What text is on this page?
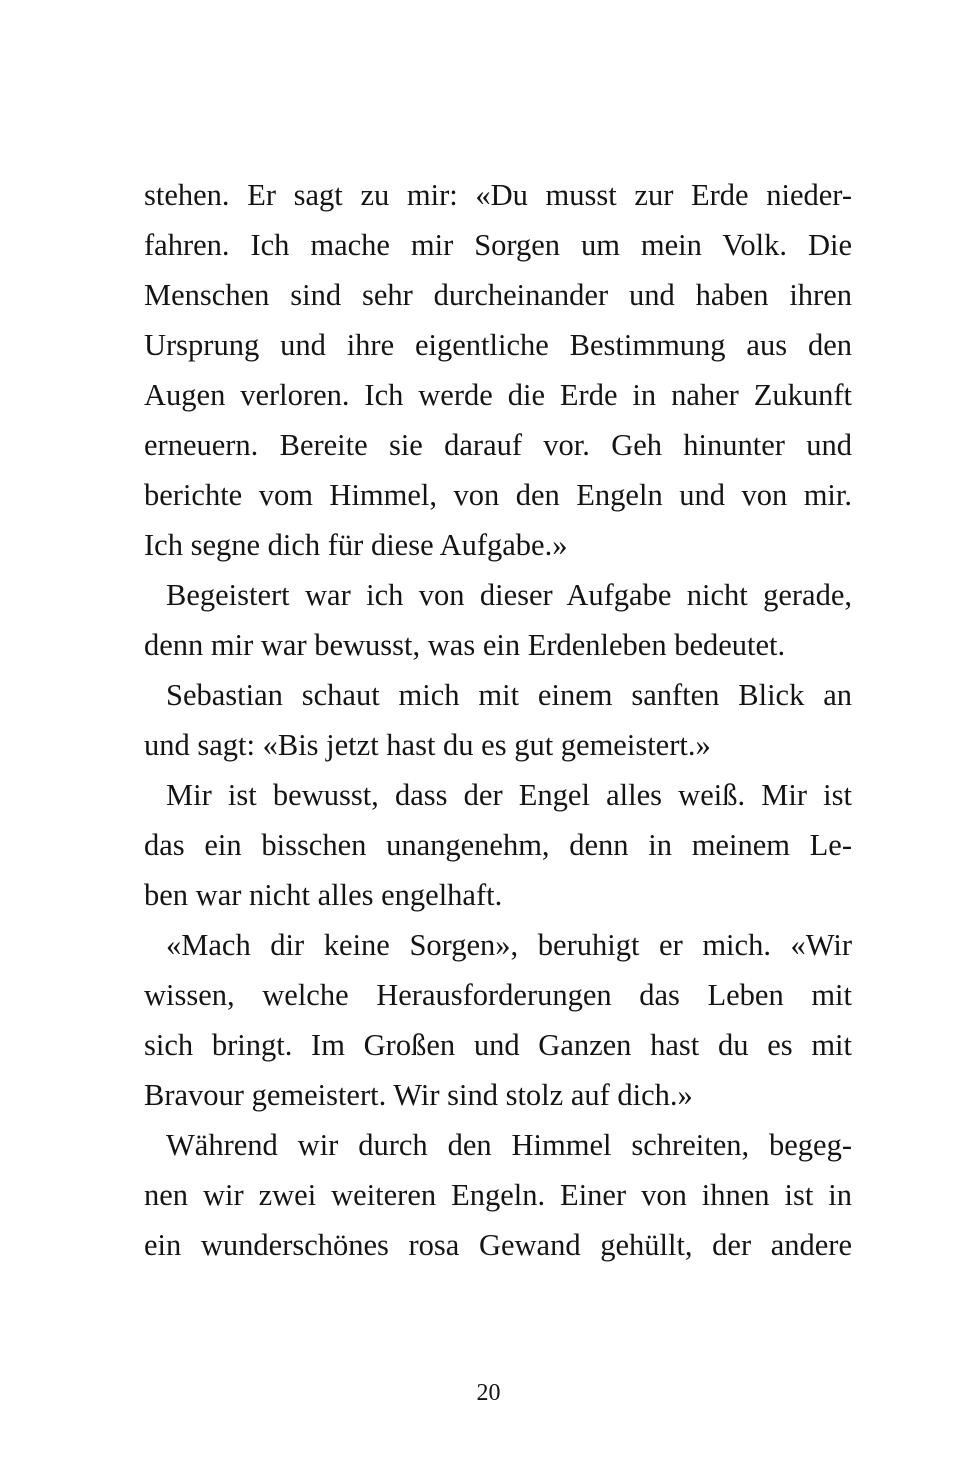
stehen. Er sagt zu mir: «Du musst zur Erde nieder-
fahren. Ich mache mir Sorgen um mein Volk. Die
Menschen sind sehr durcheinander und haben ihren
Ursprung und ihre eigentliche Bestimmung aus den
Augen verloren. Ich werde die Erde in naher Zukunft
erneuern. Bereite sie darauf vor. Geh hinunter und
berichte vom Himmel, von den Engeln und von mir.
Ich segne dich für diese Aufgabe.»
Begeistert war ich von dieser Aufgabe nicht gerade,
denn mir war bewusst, was ein Erdenleben bedeutet.
Sebastian schaut mich mit einem sanften Blick an
und sagt: «Bis jetzt hast du es gut gemeistert.»
Mir ist bewusst, dass der Engel alles weiß. Mir ist
das ein bisschen unangenehm, denn in meinem Le-
ben war nicht alles engelhaft.
«Mach dir keine Sorgen», beruhigt er mich. «Wir
wissen, welche Herausforderungen das Leben mit
sich bringt. Im Großen und Ganzen hast du es mit
Bravour gemeistert. Wir sind stolz auf dich.»
Während wir durch den Himmel schreiten, begeg-
nen wir zwei weiteren Engeln. Einer von ihnen ist in
ein wunderschönes rosa Gewand gehüllt, der andere
20
